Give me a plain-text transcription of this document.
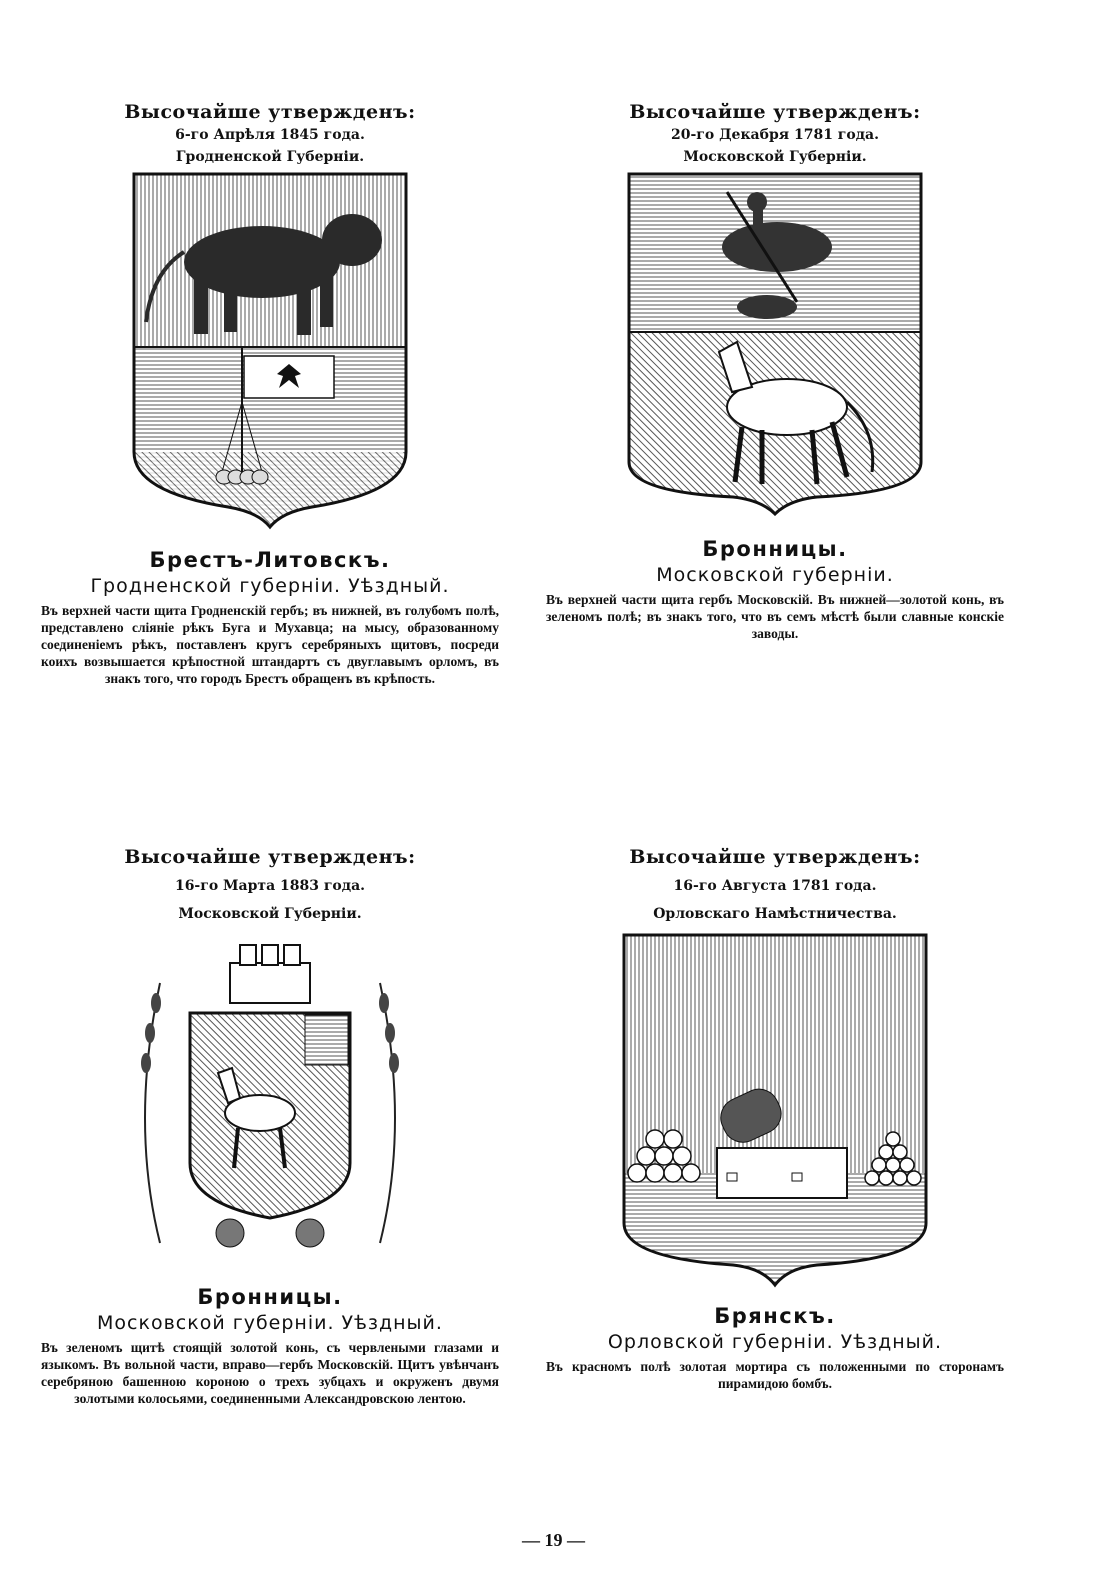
Высочайше утвержденъ:
6-го Апрѣля 1845 года.
Гродненской Губерніи.
Брестъ-Литовскъ.
Гродненской губерніи. Уѣздный.
Въ верхней части щита Гродненскій гербъ; въ нижней, въ голубомъ полѣ, представлено сліяніе рѣкъ Буга и Мухавца; на мысу, образованному соединеніемъ рѣкъ, поставленъ кругъ серебряныхъ щитовъ, посреди коихъ возвышается крѣпостной штандартъ съ двуглавымъ орломъ, въ знакъ того, что городъ Брестъ обращенъ въ крѣпость.
Высочайше утвержденъ:
20-го Декабря 1781 года.
Московской Губерніи.
Бронницы.
Московской губерніи.
Въ верхней части щита гербъ Московскій. Въ нижней—золотой конь, въ зеленомъ полѣ; въ знакъ того, что въ семъ мѣстѣ были славные конскіе заводы.
Высочайше утвержденъ:
16-го Марта 1883 года.
Московской Губерніи.
Бронницы.
Московской губерніи. Уѣздный.
Въ зеленомъ щитѣ стоящій золотой конь, съ червлеными глазами и языкомъ. Въ вольной части, вправо—гербъ Московскій. Щитъ увѣнчанъ серебряною башенною короною о трехъ зубцахъ и окруженъ двумя золотыми колосьями, соединенными Александровскою лентою.
Высочайше утвержденъ:
16-го Августа 1781 года.
Орловскаго Намѣстничества.
Брянскъ.
Орловской губерніи. Уѣздный.
Въ красномъ полѣ золотая мортира съ положенными по сторонамъ пирамидою бомбъ.
— 19 —
